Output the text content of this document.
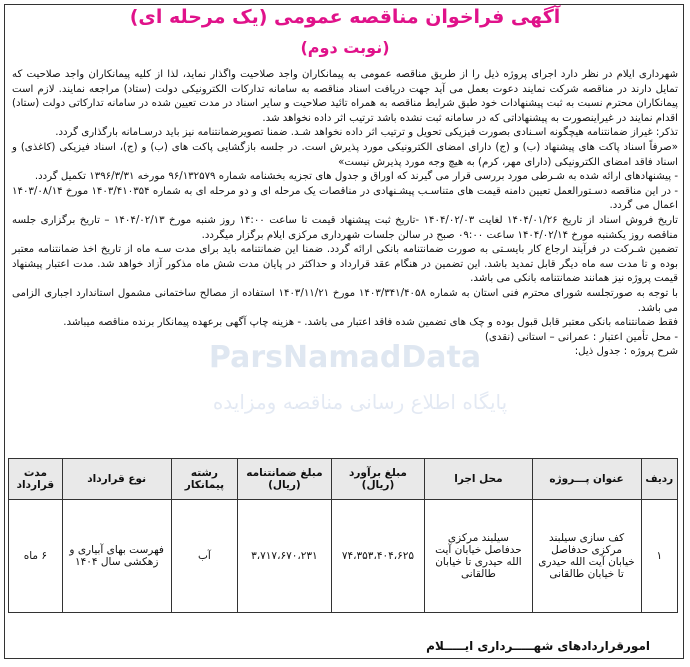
آگهی فراخوان مناقصه عمومی (یک مرحله ای)
(نوبت دوم)

شهرداری ایلام در نظر دارد اجرای پروژه ذیل را از طریق مناقصه عمومی به پیمانکاران واجد صلاحیت واگذار نماید، لذا از کلیه پیمانکاران واجد صلاحیت که تمایل دارند در مناقصه شرکت نمایند دعوت بعمل می آید جهت دریافت اسناد مناقصه به سامانه تدارکات الکترونیکی دولت (ستاد) مراجعه نمایند. لازم است پیمانکاران محترم نسبت به ثبت پیشنهادات خود طبق شرایط مناقصه به همراه تائید صلاحیت و سایر اسناد در مدت تعیین شده در سامانه تدارکاتی دولت (ستاد) اقدام نمایند در غیراینصورت به پیشنهاداتی که در سامانه ثبت نشده باشد ترتیب اثر داده نخواهد شد.

تذکر: غیراز ضمانتنامه هیچگونه اسـنادی بصورت فیزیکی تحویل و ترتیب اثر داده نخواهد شـد. ضمنا تصویرضمانتنامه نیز باید درسـامانه بارگذاری گردد.

«صرفاً اسناد پاکت های پیشنهاد (ب) و (ج) دارای امضای الکترونیکی مورد پذیرش است. در جلسه بازگشایی پاکت های (ب) و (ج)، اسناد فیزیکی (کاغذی) و اسناد فاقد امضای الکترونیکی (دارای مهر، کرم) به هیچ وجه مورد پذیرش نیست»

- پیشنهادهای ارائه شده به شـرطی مورد بررسی قرار می گیرند که اوراق و جدول های تجزیه بخشنامه شماره ۹۶/۱۳۲۵۷۹ مورخه ۱۳۹۶/۳/۳۱ تکمیل گردد.

- در این مناقصه دسـتورالعمل تعیین دامنه قیمت های متناسـب پیشـنهادی در مناقصات یک مرحله ای و دو مرحله ای به شماره ۱۴۰۳/۴۱۰۳۵۴ مورخ ۱۴۰۳/۰۸/۱۴ اعمال می گردد.

تاریخ فروش اسناد از تاریخ ۱۴۰۴/۰۱/۲۶ لغایت ۱۴۰۴/۰۲/۰۳ -تاریخ ثبت پیشنهاد قیمت تا ساعت ۱۴:۰۰ روز شنبه مورخ ۱۴۰۴/۰۲/۱۳ – تاریخ برگزاری جلسه مناقصه روز یکشنبه مورخ ۱۴۰۴/۰۲/۱۴ ساعت ۰۹:۰۰ صبح در سالن جلسات شهرداری مرکزی ایلام برگزار میگردد.

تضمین شـرکت در فرآیند ارجاع کار بایسـتی به صورت ضمانتنامه بانکی ارائه گردد. ضمنا این ضمانتنامه باید برای مدت سـه ماه از تاریخ اخذ ضمانتنامه معتبر بوده و تا مدت سه ماه دیگر قابل تمدید باشد. این تضمین در هنگام عقد قرارداد و حداکثر در پایان مدت شش ماه مذکور آزاد خواهد شد. مدت اعتبار پیشنهاد قیمت پروژه نیز همانند ضمانتنامه بانکی می باشد.

با توجه به صورتجلسه شورای محترم فنی استان به شماره ۱۴۰۳/۳۴۱/۴۰۵۸ مورخ ۱۴۰۳/۱۱/۲۱ استفاده از مصالح ساختمانی مشمول استاندارد اجباری الزامی می باشد.

فقط ضمانتنامه بانکی معتبر قابل قبول بوده و چک های تضمین شده فاقد اعتبار می باشد. - هزینه چاپ آگهی برعهده پیمانکار برنده مناقصه میباشد.

- محل تأمین اعتبار : عمرانی – استانی (نقدی)

شرح پروژه : جدول ذیل:

ParsNamadData
پایگاه اطلاع رسانی مناقصه ومزایده
ردیف	عنوان پـــروژه	محل اجرا	مبلغ برآورد (ریال)	مبلغ ضمانتنامه (ریال)	رشته پیمانکار	نوع قرارداد	مدت قرارداد
۱	کف سازی سیلبند مرکزی حدفاصل خیابان آیت الله حیدری تا خیابان طالقانی	سیلبند مرکزی حدفاصل خیابان آیت الله حیدری تا خیابان طالقانی	۷۴،۳۵۳،۴۰۴،۶۲۵	۳،۷۱۷،۶۷۰،۲۳۱	آب	فهرست بهای آبیاری و زهکشی سال ۱۴۰۴	۶ ماه
امورقراردادهای شهـــــرداری ایـــــلام
